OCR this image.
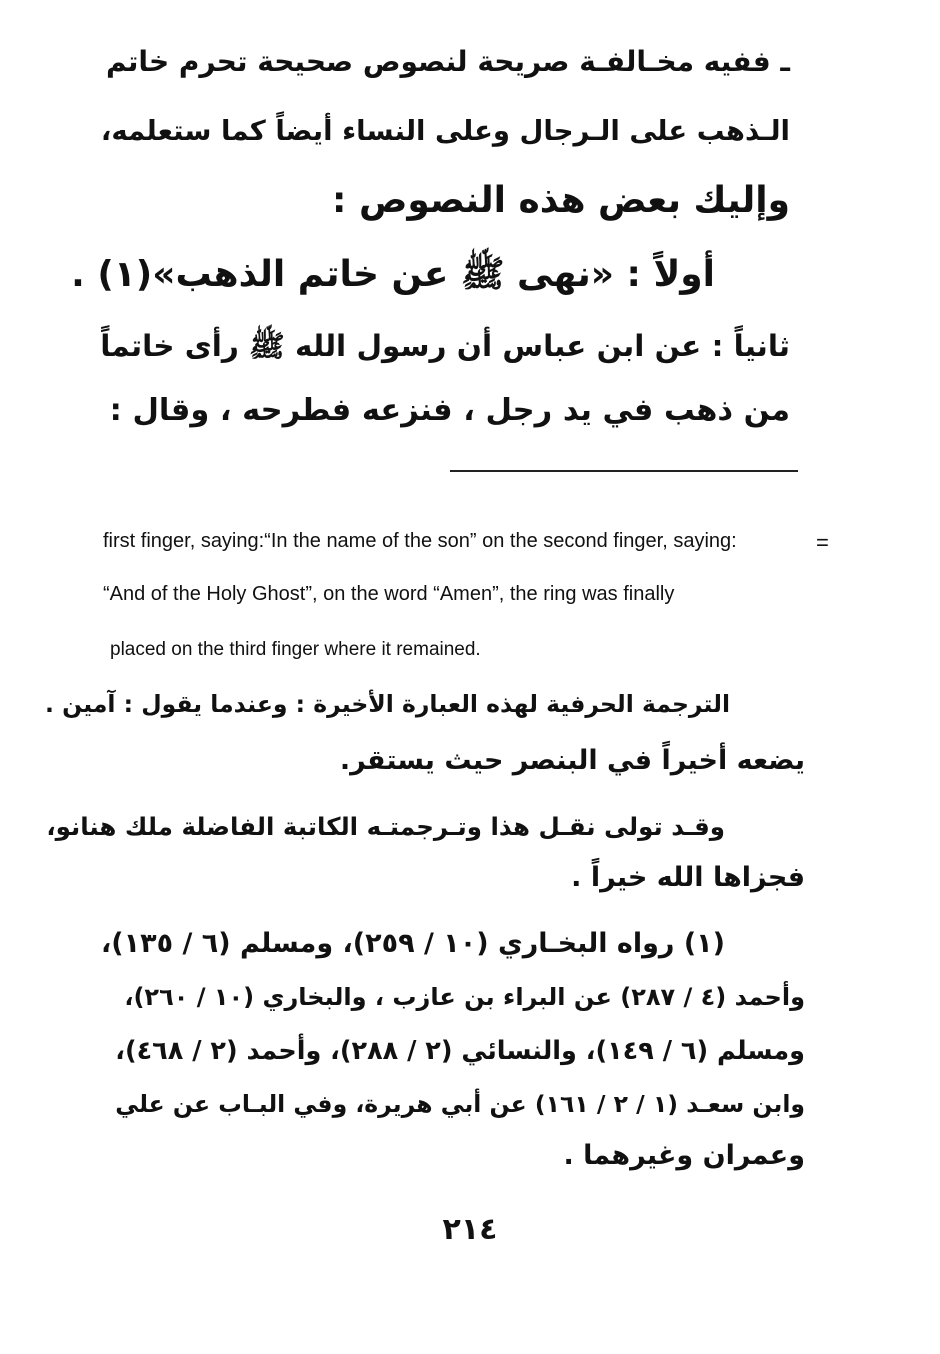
ـ ففيه مخـالفـة صريحة لنصوص صحيحة تحرم خاتم
الـذهب على الـرجال وعلى النساء أيضاً كما ستعلمه،
وإليك بعض هذه النصوص :
أولاً : «نهى ﷺ عن خاتم الذهب»(١) .
ثانياً : عن ابن عباس أن رسول الله ﷺ رأى خاتماً
من ذهب في يد رجل ، فنزعه فطرحه ، وقال :
=
first finger, saying:“In the name of the son” on the second finger, saying:
“And of the Holy Ghost”, on the word “Amen”, the ring was finally
placed on the third finger where it remained.
الترجمة الحرفية لهذه العبارة الأخيرة : وعندما يقول : آمين .
يضعه أخيراً في البنصر حيث يستقر.
وقـد تولى نقـل هذا وتـرجمتـه الكاتبة الفاضلة ملك هنانو،
فجزاها الله خيراً .
(١) رواه البخـاري (١٠ / ٢٥٩)، ومسلم (٦ / ١٣٥)،
وأحمد (٤ / ٢٨٧) عن البراء بن عازب ، والبخاري (١٠ / ٢٦٠)،
ومسلم (٦ / ١٤٩)، والنسائي (٢ / ٢٨٨)، وأحمد (٢ / ٤٦٨)،
وابن سعـد (١ / ٢ / ١٦١) عن أبي هريرة، وفي البـاب عن علي
وعمران وغيرهما .
٢١٤
